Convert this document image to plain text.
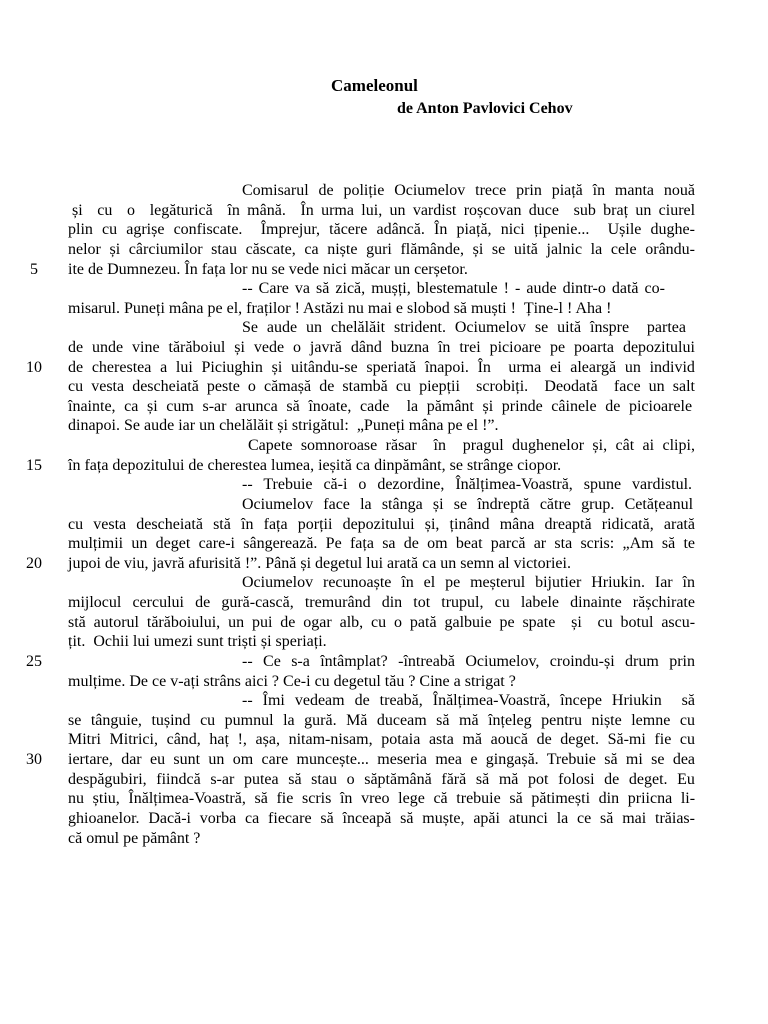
Cameleonul
de Anton Pavlovici Cehov
5
10
15
20
25
30
Comisarul de poliție Ociumelov trece prin piață în manta nouă
și  cu  o  legăturică  în mână.  În urma lui, un vardist roșcovan duce  sub braț un ciurel
plin cu agrișe confiscate.  Împrejur, tăcere adâncă. În piață, nici țipenie...  Ușile dughe-
nelor și cârciumilor stau căscate, ca niște guri flămânde, și se uită jalnic la cele orându-
ite de Dumnezeu. În fața lor nu se vede nici măcar un cerșetor.
-- Care va să zică, mușți, blestematule ! - aude dintr-o dată co-
misarul. Puneți mâna pe el, fraților ! Astăzi nu mai e slobod să muști !  Ține-l ! Aha !
Se aude un chelălăit strident. Ociumelov se uită înspre  partea
de unde vine tărăboiul și vede o javră dând buzna în trei picioare pe poarta depozitului
de cherestea a lui Piciughin și uitându-se speriată înapoi. În  urma ei aleargă un individ
cu vesta descheiată peste o cămașă de stambă cu piepții  scrobiți.  Deodată  face un salt
înainte, ca și cum s-ar arunca să înoate, cade  la pământ și prinde câinele de picioarele
dinapoi. Se aude iar un chelălăit și strigătul:  „Puneți mâna pe el !”.
Capete somnoroase răsar  în  pragul dughenelor și, cât ai clipi,
în fața depozitului de cherestea lumea, ieșită ca dinpământ, se strânge ciopor.
-- Trebuie că-i o dezordine, Înălțimea-Voastră, spune vardistul.
Ociumelov face la stânga și se îndreptă către grup. Cetățeanul
cu vesta descheiată stă în fața porții depozitului și, ținând mâna dreaptă ridicată, arată
mulțimii un deget care-i sângerează. Pe fața sa de om beat parcă ar sta scris: „Am să te
jupoi de viu, javră afurisită !”. Până și degetul lui arată ca un semn al victoriei.
Ociumelov recunoaște în el pe meșterul bijutier Hriukin. Iar în
mijlocul cercului de gură-cască, tremurând din tot trupul, cu labele dinainte rășchirate
stă autorul tărăboiului, un pui de ogar alb, cu o pată galbuie pe spate  și  cu botul ascu-
țit.  Ochii lui umezi sunt triști și speriați.
-- Ce s-a întâmplat? -întreabă Ociumelov, croindu-și drum prin
mulțime. De ce v-ați strâns aici ? Ce-i cu degetul tău ? Cine a strigat ?
-- Îmi vedeam de treabă, Înălțimea-Voastră, începe Hriukin  să
se tânguie, tușind cu pumnul la gură. Mă duceam să mă înțeleg pentru niște lemne cu
Mitri Mitrici, când, haț !, așa, nitam-nisam, potaia asta mă aoucă de deget. Să-mi fie cu
iertare, dar eu sunt un om care muncește... meseria mea e gingașă. Trebuie să mi se dea
despăgubiri, fiindcă s-ar putea să stau o săptămână fără să mă pot folosi de deget. Eu
nu știu, Înălțimea-Voastră, să fie scris în vreo lege că trebuie să pătimești din priicna li-
ghioanelor. Dacă-i vorba ca fiecare să înceapă să muște, apăi atunci la ce să mai trăias-
că omul pe pământ ?
